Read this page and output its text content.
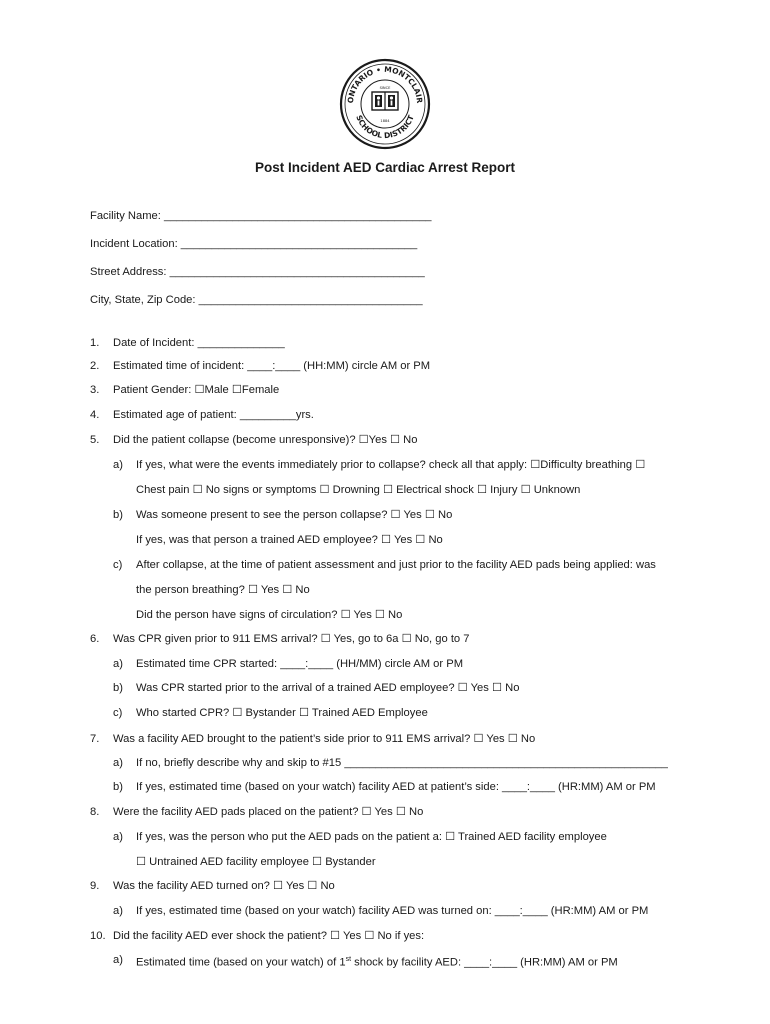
ONTARIO • MONTCLAIR
SCHOOL DISTRICT
SINCE
1884
Post Incident AED Cardiac Arrest Report
Facility Name: ___________________________________________
Incident Location: ______________________________________
Street Address: _________________________________________
City, State, Zip Code: ____________________________________
1. Date of Incident: ______________
2. Estimated time of incident: ____:____ (HH:MM) circle AM or PM
3. Patient Gender: ☐Male ☐Female
4. Estimated age of patient: _________yrs.
5. Did the patient collapse (become unresponsive)? ☐Yes ☐ No
a) If yes, what were the events immediately prior to collapse? check all that apply: ☐Difficulty breathing ☐
Chest pain ☐ No signs or symptoms ☐ Drowning ☐ Electrical shock ☐ Injury ☐ Unknown
b) Was someone present to see the person collapse? ☐ Yes ☐ No
If yes, was that person a trained AED employee? ☐ Yes ☐ No
c) After collapse, at the time of patient assessment and just prior to the facility AED pads being applied: was
the person breathing? ☐ Yes ☐ No
Did the person have signs of circulation? ☐ Yes ☐ No
6. Was CPR given prior to 911 EMS arrival? ☐ Yes, go to 6a ☐ No, go to 7
a) Estimated time CPR started: ____:____ (HH/MM) circle AM or PM
b) Was CPR started prior to the arrival of a trained AED employee? ☐ Yes ☐ No
c) Who started CPR? ☐ Bystander ☐ Trained AED Employee
7. Was a facility AED brought to the patient’s side prior to 911 EMS arrival? ☐ Yes ☐ No
a) If no, briefly describe why and skip to #15 ____________________________________________________
b) If yes, estimated time (based on your watch) facility AED at patient’s side: ____:____ (HR:MM) AM or PM
8. Were the facility AED pads placed on the patient? ☐ Yes ☐ No
a) If yes, was the person who put the AED pads on the patient a: ☐ Trained AED facility employee
☐ Untrained AED facility employee ☐ Bystander
9. Was the facility AED turned on? ☐ Yes ☐ No
a) If yes, estimated time (based on your watch) facility AED was turned on: ____:____ (HR:MM) AM or PM
10. Did the facility AED ever shock the patient? ☐ Yes ☐ No if yes:
a) Estimated time (based on your watch) of 1st shock by facility AED: ____:____ (HR:MM) AM or PM
